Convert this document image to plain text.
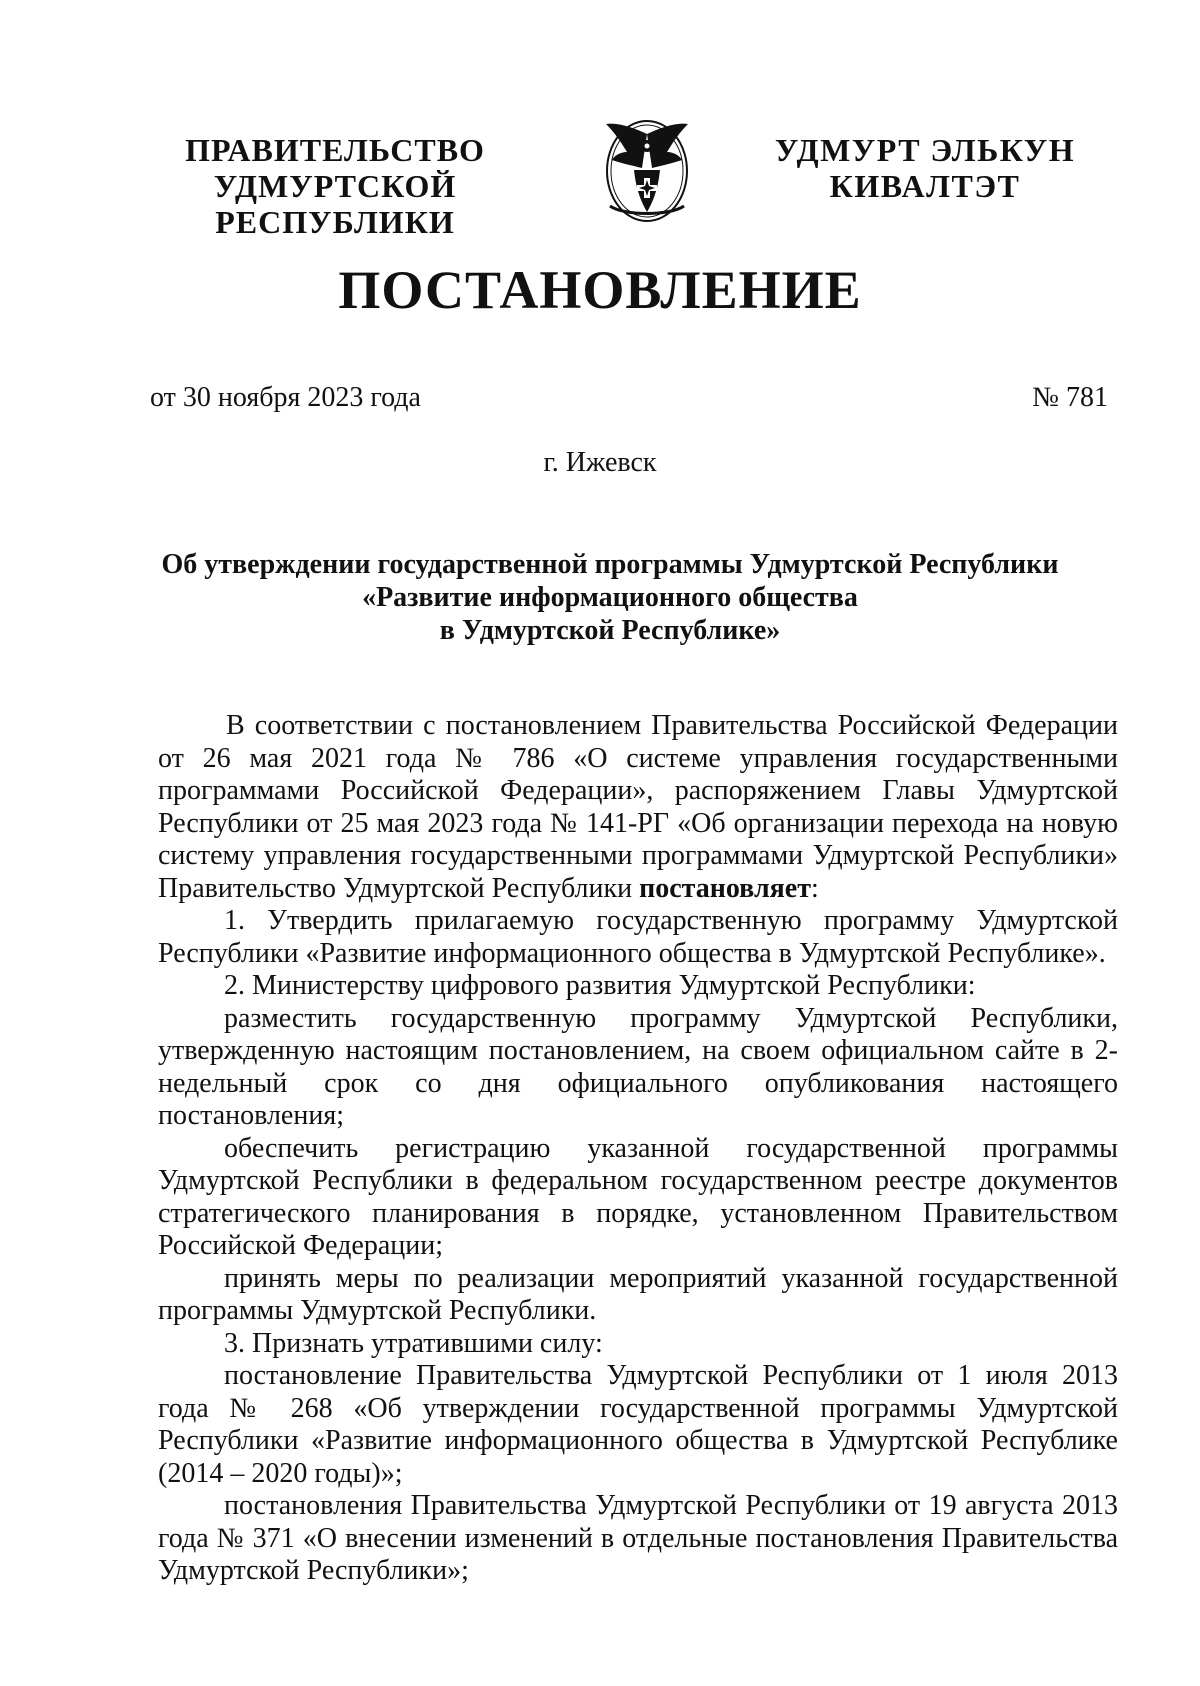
ПРАВИТЕЛЬСТВО
УДМУРТСКОЙ РЕСПУБЛИКИ
УДМУРТ ЭЛЬКУН
КИВАЛТЭТ
ПОСТАНОВЛЕНИЕ
от 30 ноября 2023 года	№ 781
г. Ижевск
Об утверждении государственной программы Удмуртской Республики
«Развитие информационного общества
в Удмуртской Республике»

В соответствии с постановлением Правительства Российской Федерации от 26 мая 2021 года № 786 «О системе управления государственными программами Российской Федерации», распоряжением Главы Удмуртской Республики от 25 мая 2023 года № 141-РГ «Об организации перехода на новую систему управления государственными программами Удмуртской Республики» Правительство Удмуртской Республики постановляет:

1. Утвердить прилагаемую государственную программу Удмуртской Республики «Развитие информационного общества в Удмуртской Республике».

2. Министерству цифрового развития Удмуртской Республики:

разместить государственную программу Удмуртской Республики, утвержденную настоящим постановлением, на своем официальном сайте в 2-недельный срок со дня официального опубликования настоящего постановления;

обеспечить регистрацию указанной государственной программы Удмуртской Республики в федеральном государственном реестре документов стратегического планирования в порядке, установленном Правительством Российской Федерации;

принять меры по реализации мероприятий указанной государственной программы Удмуртской Республики.

3. Признать утратившими силу:

постановление Правительства Удмуртской Республики от 1 июля 2013 года № 268 «Об утверждении государственной программы Удмуртской Республики «Развитие информационного общества в Удмуртской Республике (2014 – 2020 годы)»;

постановления Правительства Удмуртской Республики от 19 августа 2013 года № 371 «О внесении изменений в отдельные постановления Правительства Удмуртской Республики»;
